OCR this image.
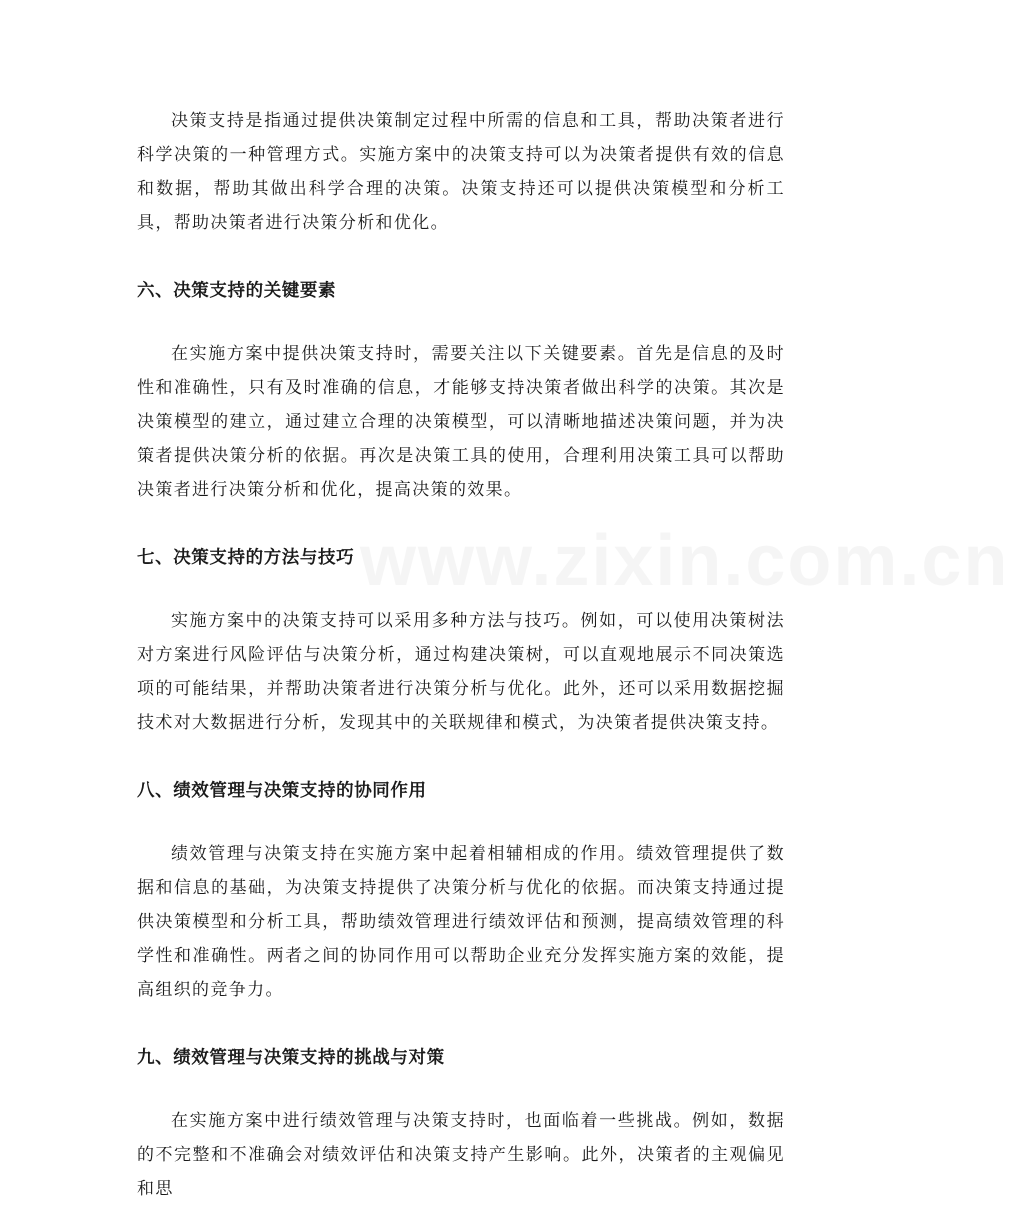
www.zixin.com.cn

决策支持是指通过提供决策制定过程中所需的信息和工具，帮助决策者进行科学决策的一种管理方式。实施方案中的决策支持可以为决策者提供有效的信息和数据，帮助其做出科学合理的决策。决策支持还可以提供决策模型和分析工具，帮助决策者进行决策分析和优化。

六、决策支持的关键要素

在实施方案中提供决策支持时，需要关注以下关键要素。首先是信息的及时性和准确性，只有及时准确的信息，才能够支持决策者做出科学的决策。其次是决策模型的建立，通过建立合理的决策模型，可以清晰地描述决策问题，并为决策者提供决策分析的依据。再次是决策工具的使用，合理利用决策工具可以帮助决策者进行决策分析和优化，提高决策的效果。

七、决策支持的方法与技巧

实施方案中的决策支持可以采用多种方法与技巧。例如，可以使用决策树法对方案进行风险评估与决策分析，通过构建决策树，可以直观地展示不同决策选项的可能结果，并帮助决策者进行决策分析与优化。此外，还可以采用数据挖掘技术对大数据进行分析，发现其中的关联规律和模式，为决策者提供决策支持。

八、绩效管理与决策支持的协同作用

绩效管理与决策支持在实施方案中起着相辅相成的作用。绩效管理提供了数据和信息的基础，为决策支持提供了决策分析与优化的依据。而决策支持通过提供决策模型和分析工具，帮助绩效管理进行绩效评估和预测，提高绩效管理的科学性和准确性。两者之间的协同作用可以帮助企业充分发挥实施方案的效能，提高组织的竞争力。

九、绩效管理与决策支持的挑战与对策

在实施方案中进行绩效管理与决策支持时，也面临着一些挑战。例如，数据的不完整和不准确会对绩效评估和决策支持产生影响。此外，决策者的主观偏见和思
